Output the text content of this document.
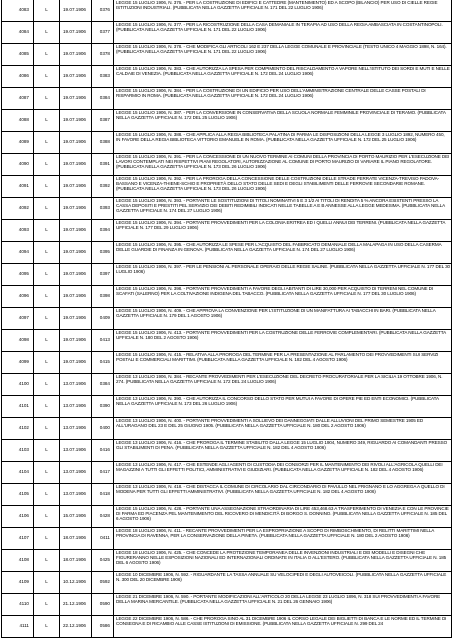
4083	L	19.07.1906	0376
LEGGE 15 LUGLIO 1906, N. 376. - PER LA COSTRUZIONE DI EDIFICI E CATTEDRE (MANTENIMENTO) ED A SCOPO (BILANCIO) PER USO DI CIELLE REGIE ISTITUZIONI INDUSTRIALI. (PUBBLICATA NELLA GAZZETTA UFFICIALE N. 171 DEL 22 LUGLIO 1906)
4084	L	19.07.1906	0377
LEGGE 15 LUGLIO 1906, N. 377. - PER LA RICOSTRUZIONE DELLA CASA DEMANIALE IN TERAPIA AD USO DELLA REGIA AMBASCIATA IN COSTANTINOPOLI. (PUBBLICATA NELLA GAZZETTA UFFICIALE N. 171 DEL 22 LUGLIO 1906)
4085	L	19.07.1906	0378
LEGGE 15 LUGLIO 1906, N. 378. - CHE MODIFICA GLI ARTICOLI 162 E 237 DELLA LEGGE COMUNALE E PROVINCIALE (TESTO UNICO 4 MAGGIO 1898, N. 164). (PUBBLICATA NELLA GAZZETTA UFFICIALE N. 171 DEL 22 LUGLIO 1906)
4086	L	19.07.1906	0383
LEGGE 15 LUGLIO 1906, N. 383. - CHE AUTORIZZA LA SPESA PER COMPIMENTO DEL RISCALDAMENTO A VAPORE NELL'ISTITUTO DEI SORDI E MUTI E NELLE CALDAIE DI VENEZIA. (PUBBLICATA NELLA GAZZETTA UFFICIALE N. 172 DEL 24 LUGLIO 1906)
4087	L	19.07.1906	0384
LEGGE 15 LUGLIO 1906, N. 384. - PER LA COSTRUZIONE DI UN EDIFICIO PER USO DELL'AMMINISTRAZIONE CENTRALE DELLE CASSE POSTALI DI RISPARMIO IN ROMA. (PUBBLICATA NELLA GAZZETTA UFFICIALE N. 172 DEL 24 LUGLIO 1906)
4088	L	19.07.1906	0387
LEGGE 15 LUGLIO 1906, N. 387. - PER LA CONVERSIONE IN CONSERVATIVA DELLA SCUOLA NORMALE FEMMINILE PROVINCIALE DI TERAMO. (PUBBLICATA NELLA GAZZETTA UFFICIALE N. 172 DEL 25 LUGLIO 1906)
4089	L	19.07.1906	0388
LEGGE 15 LUGLIO 1906, N. 388. - CHE APPLICA ALLA REGIA BIBLIOTECA PALATINA DI PARMA LE DISPOSIZIONI DELLA LEGGE 3 LUGLIO 1892, NUMERO 450, IN FAVORE DELLA REGIA BIBLIOTECA VITTORIO EMANUELE IN ROMA. (PUBBLICATA NELLA GAZZETTA UFFICIALE N. 172 DEL 25 LUGLIO 1906)
4090	L	19.07.1906	0391
LEGGE 15 LUGLIO 1906, N. 391. - PER LA CONCESSIONE DI UN NUOVO TERMINE AI COMUNI DELLA PROVINCIA DI PORTO MAURIZIO PER L'ESECUZIONE DEI LAVORI CONTEMPLATI NEI RISPETTIVI PIANI REGOLATORI, AUTORIZZAZIONE AL COMUNE DI PORTO MAURIZIO DI VARIARE IL PIANO REGOLATORE. (PUBBLICATA NELLA GAZZETTA UFFICIALE N. 173 DEL 26 LUGLIO 1906)
4091	L	19.07.1906	0392
LEGGE 15 LUGLIO 1906, N. 392. - PER LA PROROGA DELLA CONCESSIONE DELLE COSTRUZIONI DELLE STRADE FERRATE VICENZA-TREVISO PADOVA-BASSANO E VICENZA-THIENE-SCHIO E PROPRIETÀ DELLO STATO DELLE SEDI E DEGLI STABILIMENTI DELLE FERROVIE SECONDARIE ROMANE. (PUBBLICATA NELLA GAZZETTA UFFICIALE N. 173 DEL 26 LUGLIO 1906)
4092	L	19.07.1906	0393
LEGGE 15 LUGLIO 1906, N. 393. - PORTANTE LE SOSTITUZIONI DI TITOLI NOMINATIVI 5 E 3 1/2 AI TITOLI DI RENDITA 5 % ANCORA ESISTENTI PRESSO LA CASSA DEPOSITI E PRESTITI PEL SERVIZIO DEI DEBITI REDIMIBILI INDICATI NELLE TABELLE A E B ANNESSE ALLA LEGGE MEDESIMA. (PUBBLICATA NELLA GAZZETTA UFFICIALE N. 174 DEL 27 LUGLIO 1906)
4093	L	19.07.1906	0394
LEGGE 15 LUGLIO 1906, N. 394. - PORTANTE PROVVEDIMENTI PER LA COLONIA ERITREA ED I QUELLI ANNUI DEI TERRENI. (PUBBLICATA NELLA GAZZETTA UFFICIALE N. 177 DEL 29 LUGLIO 1906)
4094	L	19.07.1906	0395
LEGGE 15 LUGLIO 1906, N. 395. - CHE AUTORIZZA LE SPESE PER L'ACQUISTO DEL FABBRICATO DEMANIALE DELLA MALAPAGA IN USO DELLA CASERMA DELLE GUARDIE DI FINANZA IN GENOVA. (PUBBLICATA NELLA GAZZETTA UFFICIALE N. 174 DEL 27 LUGLIO 1906)
4095	L	19.07.1906	0397
LEGGE 15 LUGLIO 1906, N. 397. - PER LE PENSIONI AL PERSONALE OPERAIO DELLE REGIE SALINE. (PUBBLICATA NELLA GAZZETTA UFFICIALE N. 177 DEL 30 LUGLIO 1906)
4096	L	19.07.1906	0398
LEGGE 15 LUGLIO 1906, N. 398. - PORTANTE PROVVEDIMENTI A FAVORE DEGLI ABITANTI DI LIRE 30,000 PER ACQUISTO DI TERRENI NEL COMUNE DI SCAFATI (SALERNO) PER LA COLTIVAZIONE INDIGENA DEL TABACCO. (PUBBLICATA NELLA GAZZETTA UFFICIALE N. 177 DEL 30 LUGLIO 1906)
4097	L	19.07.1906	0409
LEGGE 15 LUGLIO 1906, N. 409. - CHE APPROVA LA CONVENZIONE PER L'ISTITUZIONE DI UN MANIFATTURA AI TABACCHI IN BARI. (PUBBLICATA NELLA GAZZETTA UFFICIALE N. 179 DEL 1 AGOSTO 1906)
4098	L	19.07.1906	0413
LEGGE 15 LUGLIO 1906, N. 413. - PORTANTE PROVVEDIMENTI PER LA COSTRUZIONE DELLE FERROVIE COMPLEMENTARI. (PUBBLICATA NELLA GAZZETTA UFFICIALE N. 180 DEL 2 AGOSTO 1906)
4099	L	19.07.1906	0415
LEGGE 15 LUGLIO 1906, N. 415. - RELATIVA ALLA PROROGA DEL TERMINE PER LA PRESENTAZIONE AL PARLAMENTO DEI PROVVEDIMENTI SUI SERVIZI POSTALI E COMMERCIALI MARITTIMI. (PUBBLICATA NELLA GAZZETTA UFFICIALE N. 182 DEL 4 AGOSTO 1906)
4100	L	13.07.1906	0384
LEGGE 13 LUGLIO 1906, N. 384. - RECANTE PROVVEDIMENTI PER L'ESECUZIONE DEL DECRETO PROCURATORIALE PER LA SICILIA 19 OTTOBRE 1906, N. 274. (PUBBLICATA NELLA GAZZETTA UFFICIALE N. 172 DEL 24 LUGLIO 1906)
4101	L	13.07.1906	0390
LEGGE 13 LUGLIO 1906, N. 390. - CHE AUTORIZZA IL CONCORSO DELLO STATO PER MUTUI A FAVORE DI OPERE PIE ED ENTI ECONOMICI. (PUBBLICATA NELLA GAZZETTA UFFICIALE N. 173 DEL 26 LUGLIO 1906)
4102	L	13.07.1906	0400
LEGGE 13 LUGLIO 1906, N. 400. - PORTANTE PROVVEDIMENTI A SOLLIEVO DEI DANNEGGIATI DALLE ALLUVIONI DEL PRIMO SEMESTRE 1905 ED ALL'URAGANO DEL 23 E DEL 25 GIUGNO 1905. (PUBBLICATA NELLA GAZZETTA UFFICIALE N. 180 DEL 2 AGOSTO 1906)
4103	L	13.07.1906	0416
LEGGE 13 LUGLIO 1906, N. 416. - CHE PROROGA IL TERMINE STABILITO DALLA LEGGE 15 LUGLIO 1904, NUMERO 349, RIGUARDO AI COMANDANTI PRESSO GLI STABILIMENTI DI PENA. (PUBBLICATA NELLA GAZZETTA UFFICIALE N. 182 DEL 4 AGOSTO 1906)
4104	L	13.07.1906	0417
LEGGE 13 LUGLIO 1906, N. 417. - CHE ESTENDE AGLI AGENTI DI CUSTODIA DEI CONSORZI PER IL MANTENIMENTO DEI RIVOLI ALL'AGRICOLA QUELLI DEI MAGAZZINI A TUTTI GLI EFFETTI POLITICI, AMMINISTRATIVI E GIUDIZIARI. (PUBBLICATA NELLA GAZZETTA UFFICIALE N. 182 DEL 4 AGOSTO 1906)
4105	L	13.07.1906	0418
LEGGE 13 LUGLIO 1906, N. 418. - CHE DISTACCA IL COMUNE DI CIRCOLARIO DAL CIRCONDARIO DI PAVULLO NEL FRIGNANO E LO AGGREGA A QUELLO DI MODENA PER TUTTI GLI EFFETTI AMMINISTRATIVI. (PUBBLICATA NELLA GAZZETTA UFFICIALE N. 182 DEL 4 AGOSTO 1906)
4106	L	15.07.1906	0428
LEGGE 15 LUGLIO 1906, N. 428. - PORTANTE UNA ASSEGNAZIONE STRAORDINARIA DI LIRE 453,468.63 A TRASFERIMENTO DI VENEZIA E CON LE PROVINCIE DI PARMA ED PIACENZA PEL MANTENIMENTO DEL RICOVERO DI MENDICITÀ DI BORGO S. DONNINO. (PUBBLICATA NELLA GAZZETTA UFFICIALE N. 185 DEL 6 AGOSTO 1906)
4107	L	18.07.1906	0411
LEGGE 18 LUGLIO 1906, N. 411. - RECANTE PROVVEDIMENTI PER LA ESPROPRIAZIONE A SCOPO DI RIMBOSCHIMENTO, DI RELITTI MARITTIMI NELLA PROVINCIA DI RAVENNA, PER LA CONSERVAZIONE DELLA PINETA. (PUBBLICATA NELLA GAZZETTA UFFICIALE N. 180 DEL 2 AGOSTO 1906)
4108	L	18.07.1906	0425
LEGGE 18 LUGLIO 1906, N. 425. - CHE CONCEDE LA PROTEZIONE TEMPORANEA DELLE INVENZIONI INDUSTRIALI E DEI MODELLI E DISEGNI CHE FIGURERANNO NELLE ESPOSIZIONI NAZIONALI ED INTERNAZIONALI ORDINATE IN ITALIA O ALL'ESTERO. (PUBBLICATA NELLA GAZZETTA UFFICIALE N. 185 DEL 6 AGOSTO 1906)
4109	L	10.12.1906	0592
LEGGE 10 DICEMBRE 1906, N. 592. - RIGUARDANTE LA TASSA ANNUALE SU VELOCIPEDI E DEGLI AUTOVEICOLI. (PUBBLICATA NELLA GAZZETTA UFFICIALE N. 300 DEL 20 DICEMBRE 1906)
4110	L	21.12.1906	0590
LEGGE 21 DICEMBRE 1906, N. 590. - PORTANTE MODIFICAZIONI ALL'ARTICOLO 20 DELLA LEGGE 23 LUGLIO 1896, N. 318 SUI PROVVEDIMENTI A FAVORE DELLA MARINA MERCANTILE. (PUBBLICATA NELLA GAZZETTA UFFICIALE N. 21 DEL 26 GENNAIO 1906)
4111	L	22.12.1906	0586
LEGGE 22 DICEMBRE 1906, N. 586. - CHE PROROGA SINO AL 31 DICEMBRE 1906 IL CORSO LEGALE DEI BIGLIETTI DI BANCA E LE NORME ED IL TERMINE DI CONSEGNA E DI RICAMBIO ALLE CASSE ISTITUZIONI DI EMISSIONE. (PUBBLICATA NELLA GAZZETTA UFFICIALE N. 299 DEL 24
